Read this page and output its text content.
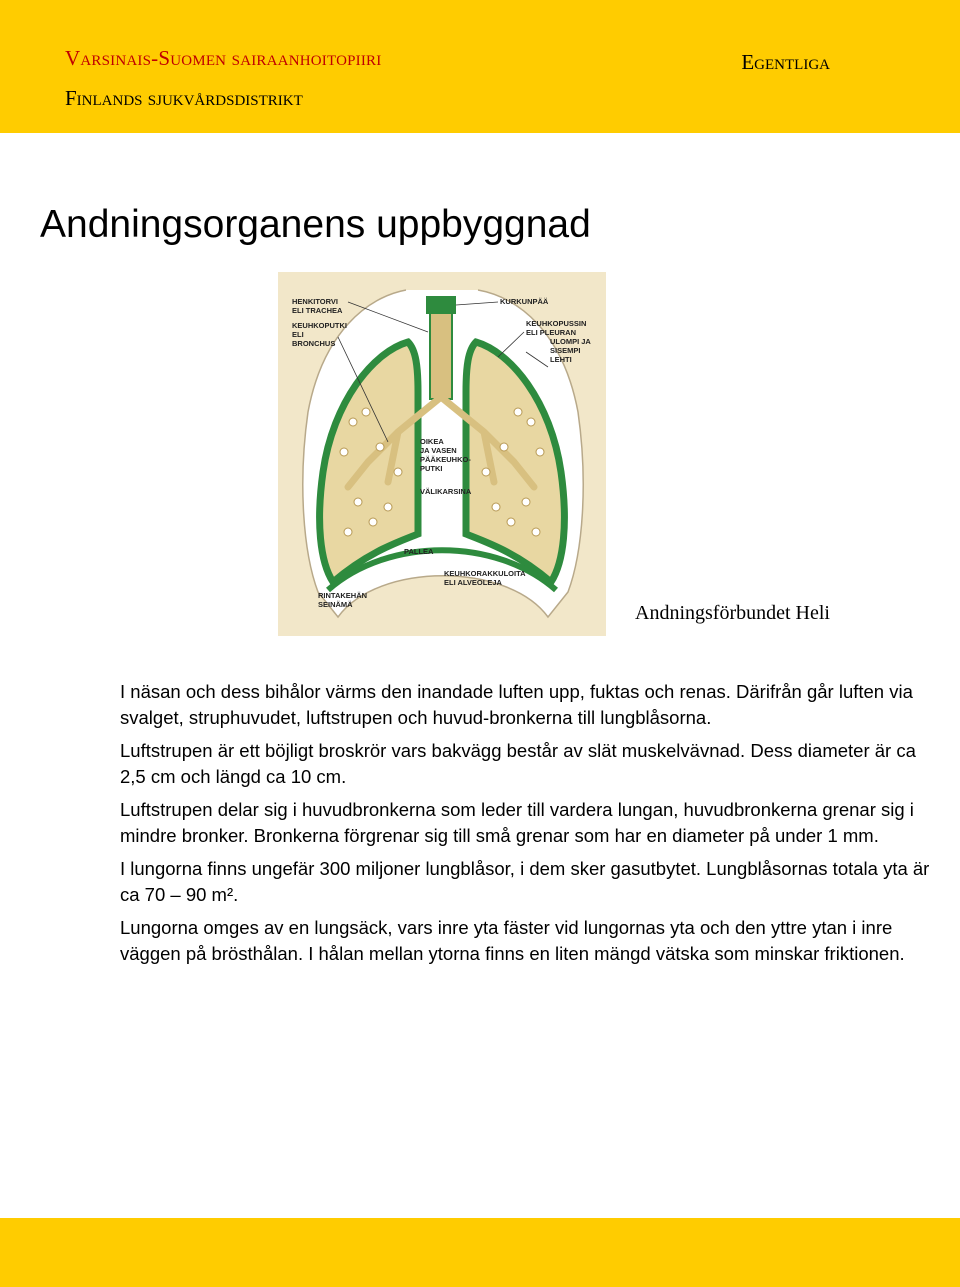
Varsinais-Suomen sairaanhoitopiiri
Finlands sjukvårdsdistrikt
Egentliga
Andningsorganens uppbyggnad
HENKITORVI ELI TRACHEA
KEUHKOPUTKI ELI BRONCHUS
KURKUNPÄÄ
KEUHKOPUSSIN ELI PLEURAN ULOMPI JA SISEMPI LEHTI
OIKEA JA VASEN PÄÄKEUHKO-PUTKI
VÄLIKARSINA
PALLEA
KEUHKORAKKULOITA ELI ALVEOLEJA
RINTAKEHÄN SEINÄMÄ	Andningsförbundet Heli

I näsan och dess bihålor värms den inandade luften upp, fuktas och renas. Därifrån går luften via svalget, struphuvudet, luftstrupen och huvud-bronkerna till lungblåsorna.

Luftstrupen är ett böjligt broskrör vars bakvägg består av slät muskelvävnad. Dess diameter är ca 2,5 cm och längd ca 10 cm.

Luftstrupen delar sig i huvudbronkerna som leder till vardera lungan, huvudbronkerna grenar sig i mindre bronker. Bronkerna förgrenar sig till små grenar som har en diameter på under 1 mm.

I lungorna finns ungefär 300 miljoner lungblåsor, i dem sker gasutbytet. Lungblåsornas totala yta är ca 70 – 90 m².

Lungorna omges av en lungsäck, vars inre yta fäster vid lungornas yta och den yttre ytan i inre väggen på brösthålan. I hålan mellan ytorna finns en liten mängd vätska som minskar friktionen.
